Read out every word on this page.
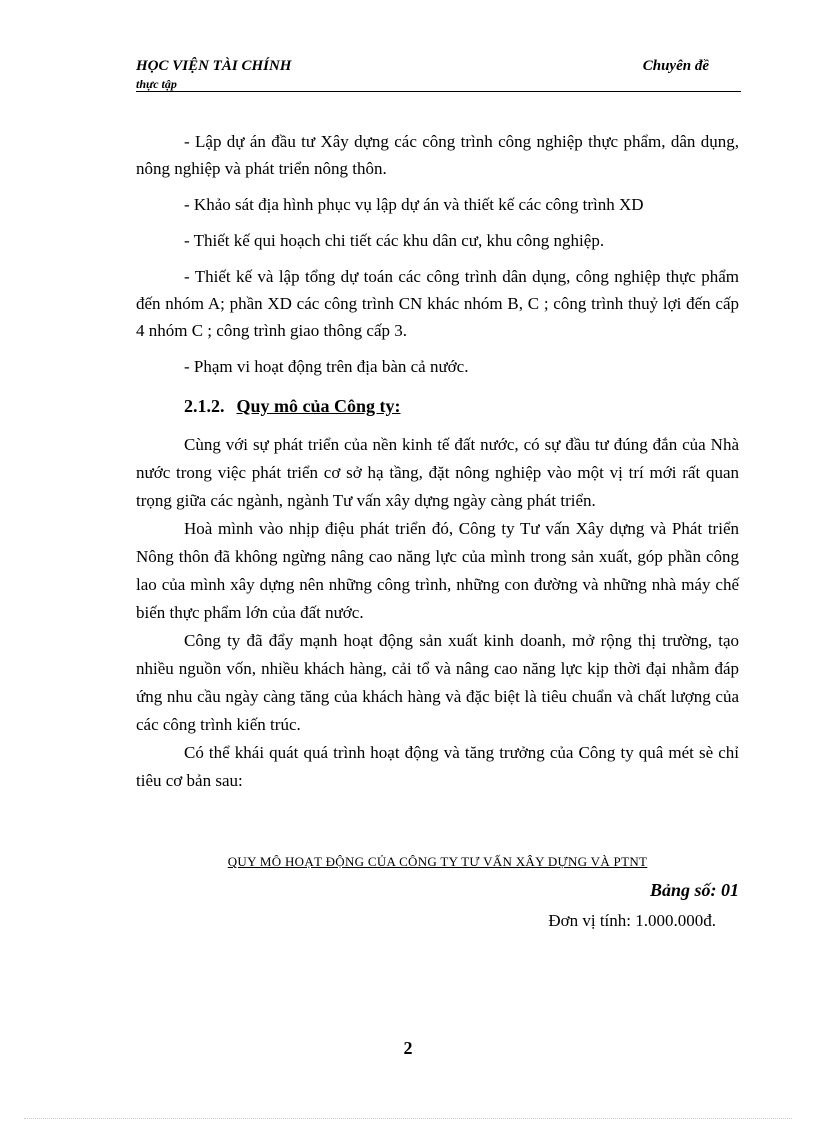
HỌC VIỆN TÀI CHÍNH
thực tập
Chuyên đề

- Lập dự án đầu tư Xây dựng các công trình công nghiệp thực phẩm, dân dụng, nông nghiệp và phát triển nông thôn.

- Khảo sát địa hình phục vụ lập dự án và thiết kế các công trình XD

- Thiết kế qui hoạch chi tiết các khu dân cư, khu công nghiệp.

- Thiết kế và lập tổng dự toán các công trình dân dụng, công nghiệp thực phẩm đến nhóm A; phần XD các công trình CN khác nhóm B, C ; công trình thuỷ lợi đến cấp 4 nhóm C ; công trình giao thông cấp 3.

- Phạm vi hoạt động trên địa bàn cả nước.

2.1.2. Quy mô của Công ty:

Cùng với sự phát triển của nền kinh tế đất nước, có sự đầu tư đúng đắn của Nhà nước trong việc phát triển cơ sở hạ tầng, đặt nông nghiệp vào một vị trí mới rất quan trọng giữa các ngành, ngành Tư vấn xây dựng ngày càng phát triển.

Hoà mình vào nhịp điệu phát triển đó, Công ty Tư vấn Xây dựng và Phát triển Nông thôn đã không ngừng nâng cao năng lực của mình trong sản xuất, góp phần công lao của mình xây dựng nên những công trình, những con đường và những nhà máy chế biến thực phẩm lớn của đất nước.

Công ty đã đẩy mạnh hoạt động sản xuất kinh doanh, mở rộng thị trường, tạo nhiều nguồn vốn, nhiều khách hàng, cải tổ và nâng cao năng lực kịp thời đại nhằm đáp ứng nhu cầu ngày càng tăng của khách hàng và đặc biệt là tiêu chuẩn và chất lượng của các công trình kiến trúc.

Có thể khái quát quá trình hoạt động và tăng trưởng của Công ty quâ mét sè chỉ tiêu cơ bản sau:

QUY MÔ HOẠT ĐỘNG CỦA CÔNG TY TƯ VẤN XÂY DỰNG VÀ PTNT
Bảng số: 01
Đơn vị tính: 1.000.000đ.
2
